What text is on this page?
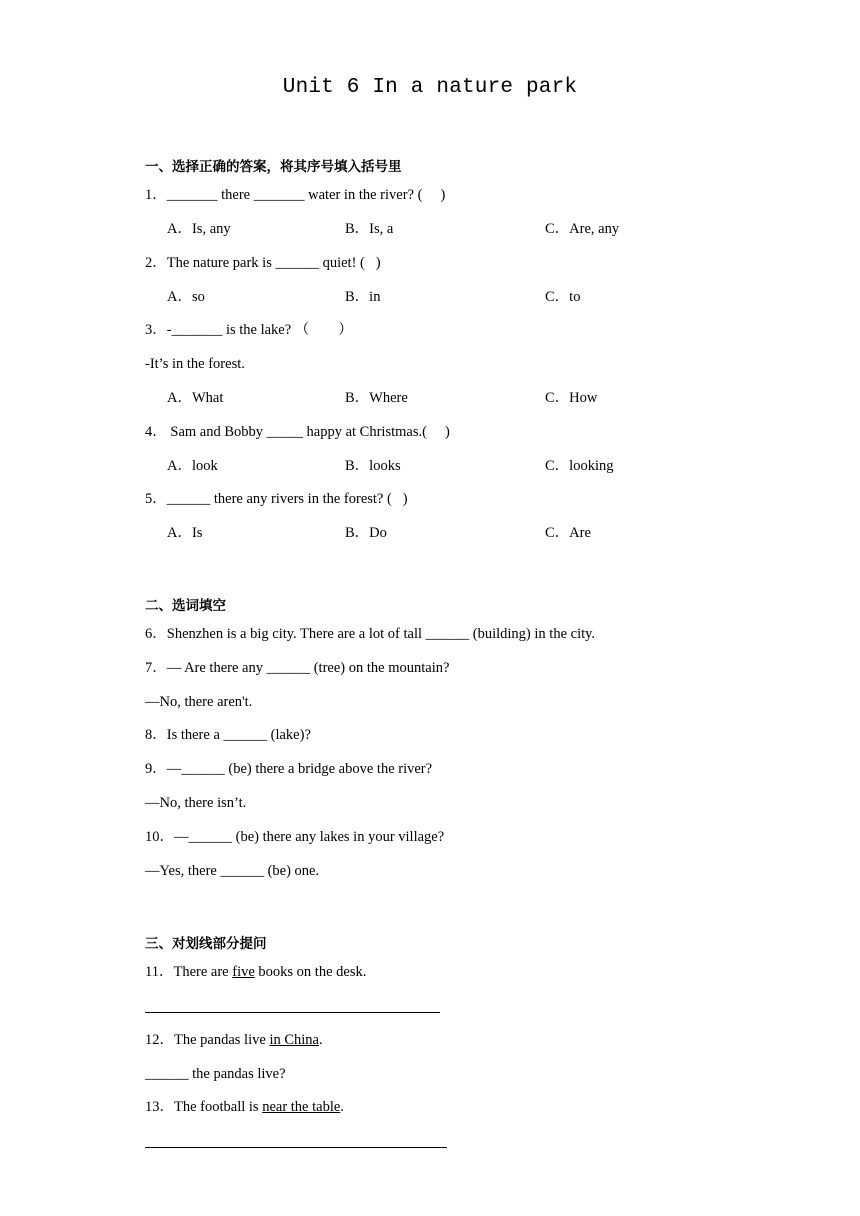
Unit 6 In a nature park
一、选择正确的答案，将其序号填入括号里
1．_______ there _______ water in the river? (     )
A．Is, any	B．Is, a	C．Are, any
2．The nature park is ______ quiet! (   )
A．so	B．in	C．to
3．-_______ is the lake? （　　）
-It’s in the forest.
A．What	B．Where	C．How
4． Sam and Bobby _____ happy at Christmas.(     )
A．look	B．looks	C．looking
5．______ there any rivers in the forest? (   )
A．Is	B．Do	C．Are
二、选词填空
6．Shenzhen is a big city. There are a lot of tall ______ (building) in the city.
7．— Are there any ______ (tree) on the mountain?
—No, there aren't.
8．Is there a ______ (lake)?
9．—______ (be) there a bridge above the river?
—No, there isn’t.
10．—______ (be) there any lakes in your village?
—Yes, there ______ (be) one.
三、对划线部分提问
11．There are five books on the desk.
12．The pandas live in China.
______ the pandas live?
13．The football is near the table.
